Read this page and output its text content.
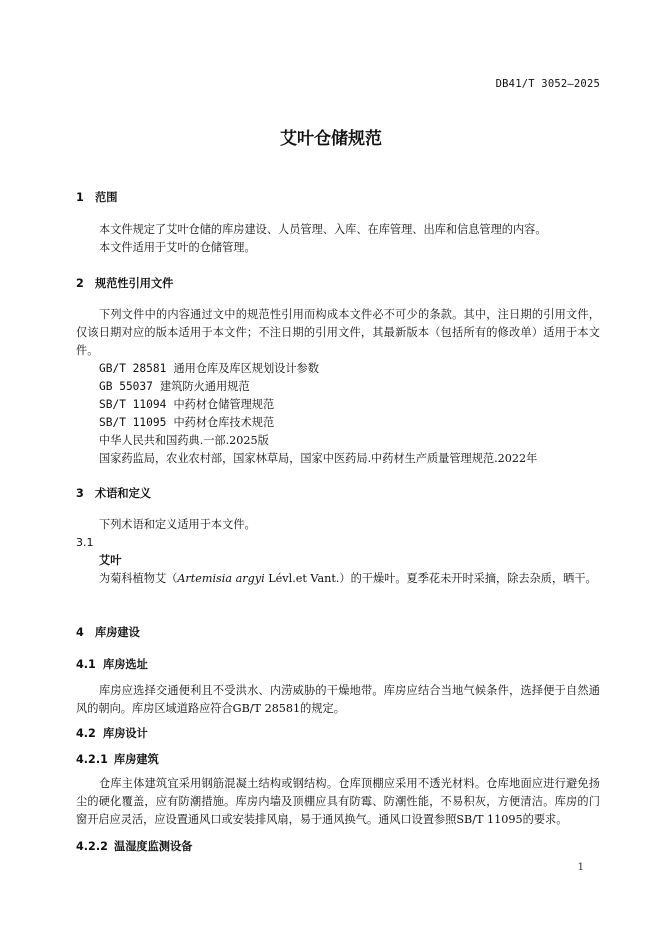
DB41/T 3052—2025
艾叶仓储规范
1 范围
本文件规定了艾叶仓储的库房建设、人员管理、入库、在库管理、出库和信息管理的内容。
本文件适用于艾叶的仓储管理。
2 规范性引用文件
下列文件中的内容通过文中的规范性引用而构成本文件必不可少的条款。其中，注日期的引用文件，仅该日期对应的版本适用于本文件；不注日期的引用文件，其最新版本（包括所有的修改单）适用于本文件。
GB/T 28581 通用仓库及库区规划设计参数
GB 55037 建筑防火通用规范
SB/T 11094 中药材仓储管理规范
SB/T 11095 中药材仓库技术规范
中华人民共和国药典.一部.2025版
国家药监局，农业农村部，国家林草局，国家中医药局.中药材生产质量管理规范.2022年
3 术语和定义
下列术语和定义适用于本文件。
3.1
艾叶
为菊科植物艾（Artemisia argyi Lévl.et Vant.）的干燥叶。夏季花未开时采摘，除去杂质，晒干。
4 库房建设
4.1 库房选址
库房应选择交通便利且不受洪水、内涝威胁的干燥地带。库房应结合当地气候条件，选择便于自然通风的朝向。库房区域道路应符合GB/T 28581的规定。
4.2 库房设计
4.2.1 库房建筑
仓库主体建筑宜采用钢筋混凝土结构或钢结构。仓库顶棚应采用不透光材料。仓库地面应进行避免扬尘的硬化覆盖，应有防潮措施。库房内墙及顶棚应具有防霉、防潮性能，不易积灰，方便清洁。库房的门窗开启应灵活，应设置通风口或安装排风扇，易于通风换气。通风口设置参照SB/T 11095的要求。
4.2.2 温湿度监测设备
1
